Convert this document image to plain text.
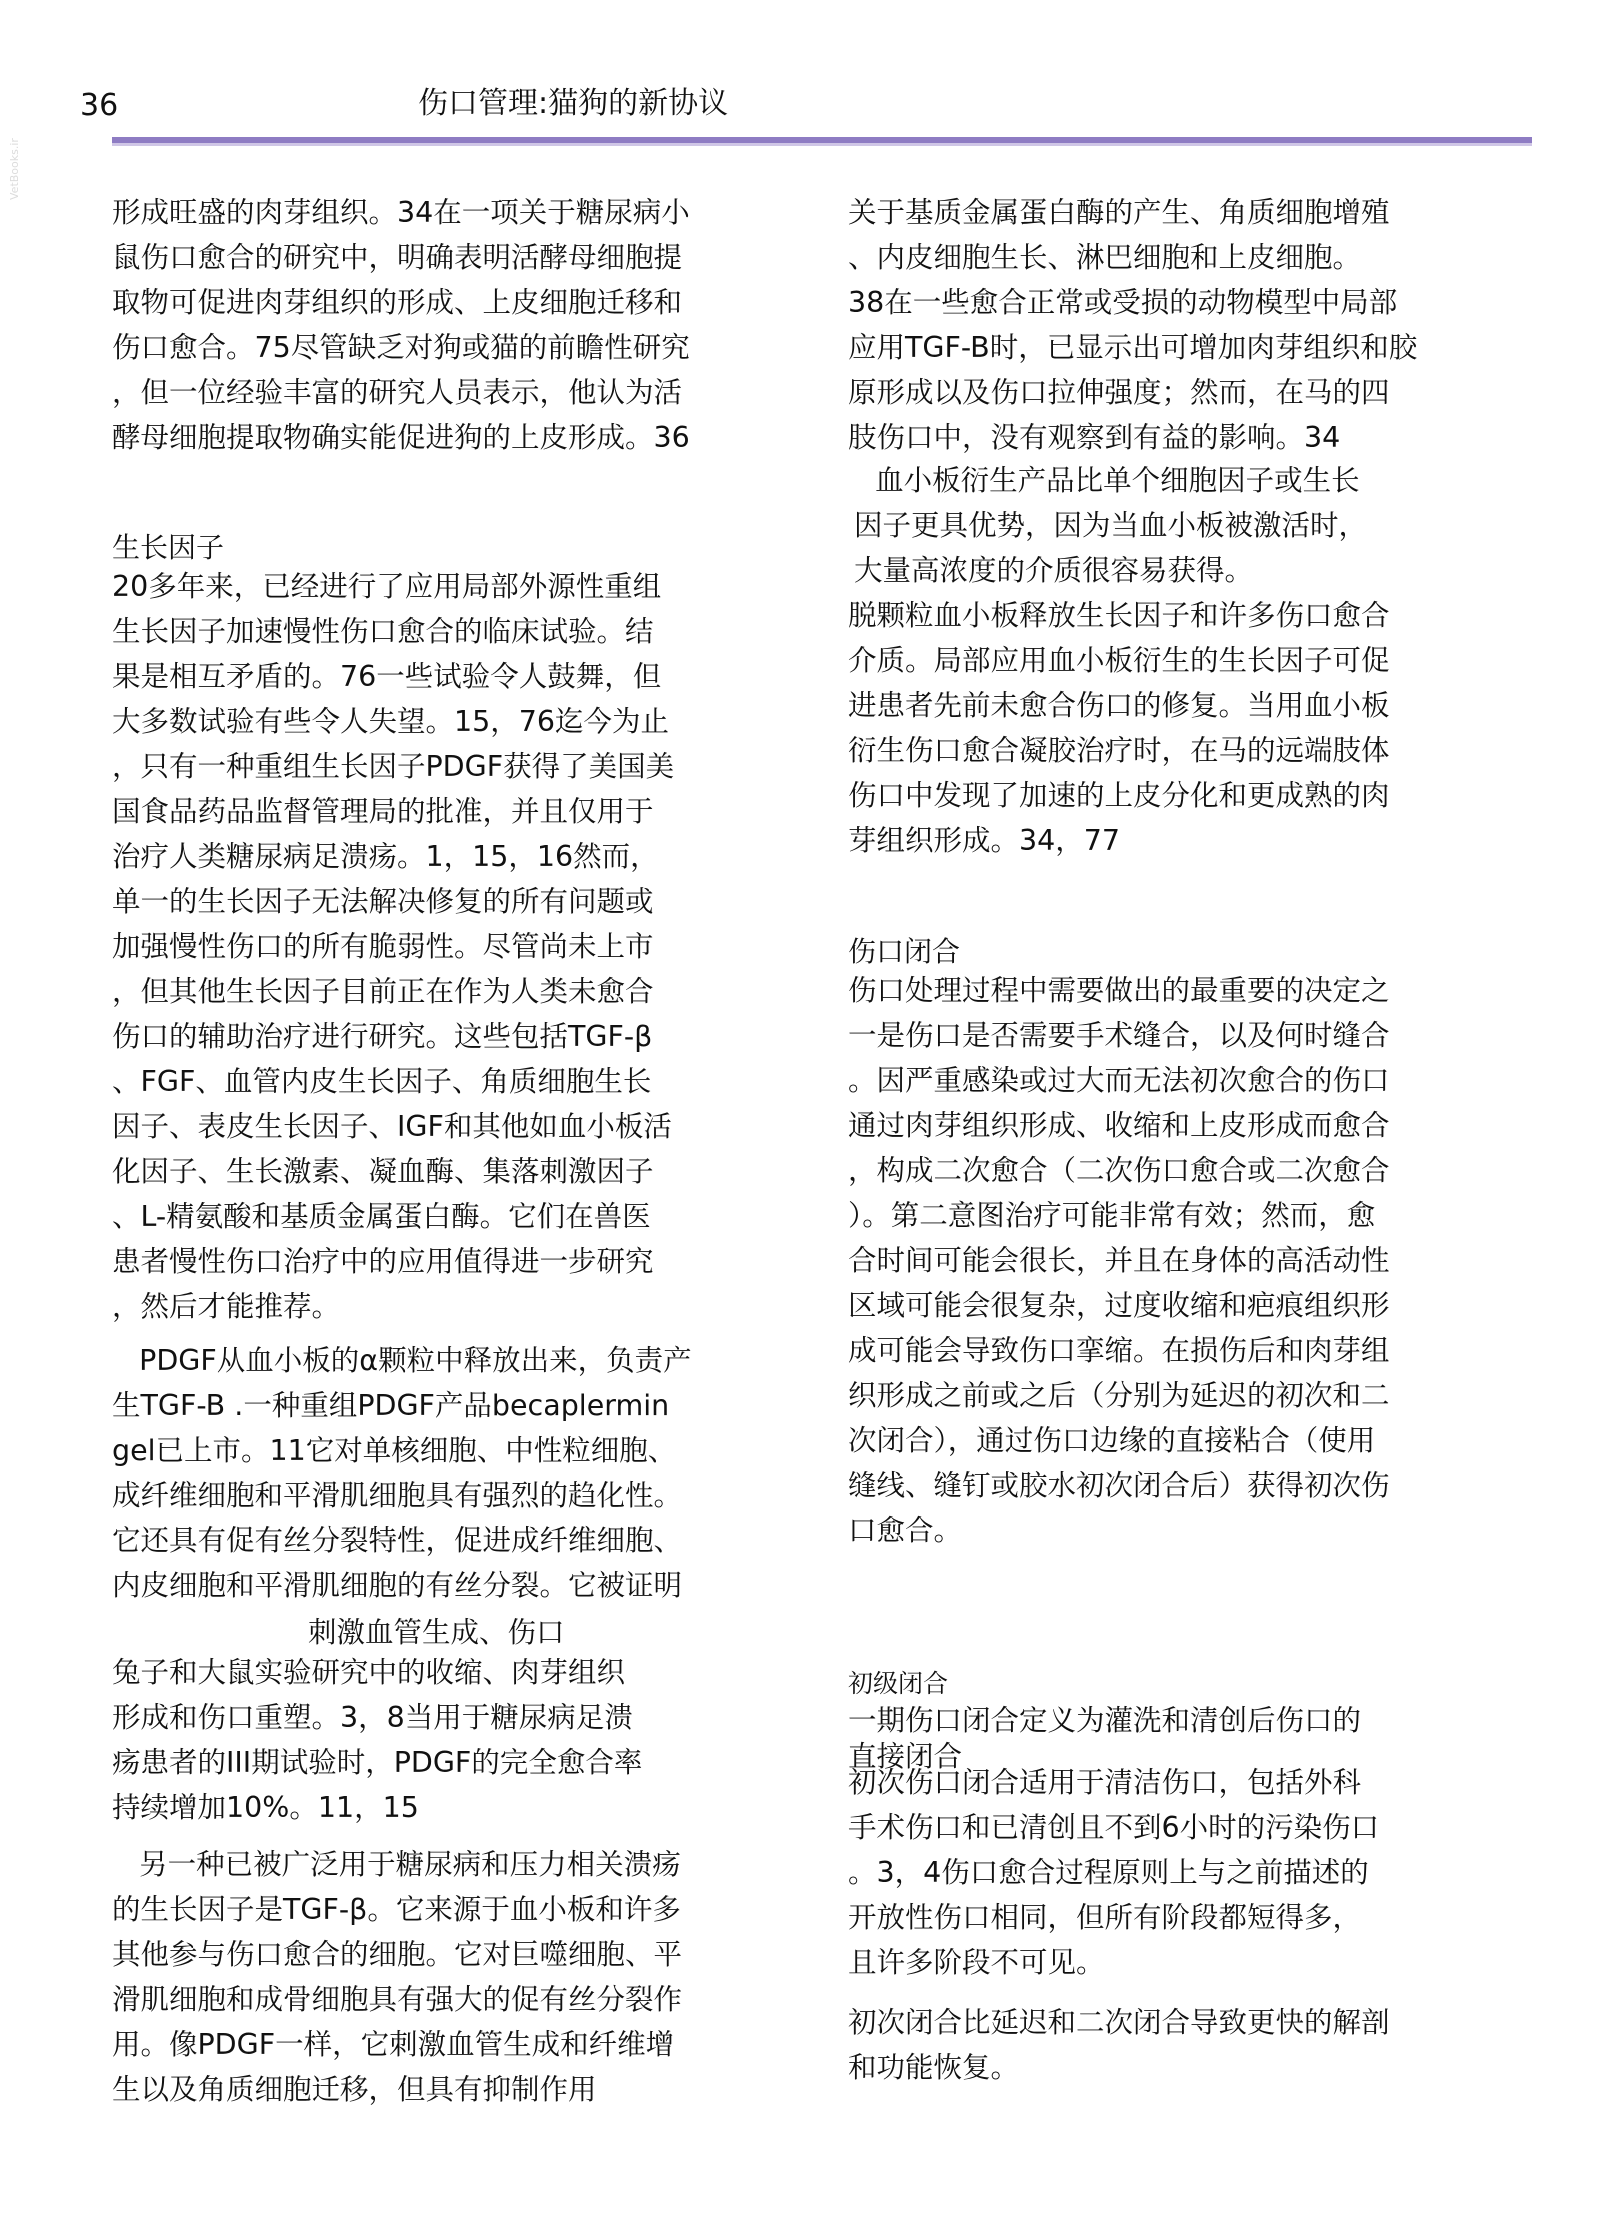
VetBooks.ir
36	伤口管理:猫狗的新协议
形成旺盛的肉芽组织。34在一项关于糖尿病小
鼠伤口愈合的研究中，明确表明活酵母细胞提
取物可促进肉芽组织的形成、上皮细胞迁移和
伤口愈合。75尽管缺乏对狗或猫的前瞻性研究
，但一位经验丰富的研究人员表示，他认为活
酵母细胞提取物确实能促进狗的上皮形成。36
生长因子
20多年来，已经进行了应用局部外源性重组
生长因子加速慢性伤口愈合的临床试验。结
果是相互矛盾的。76一些试验令人鼓舞，但
大多数试验有些令人失望。15，76迄今为止
，只有一种重组生长因子PDGF获得了美国美
国食品药品监督管理局的批准，并且仅用于
治疗人类糖尿病足溃疡。1，15，16然而，
单一的生长因子无法解决修复的所有问题或
加强慢性伤口的所有脆弱性。尽管尚未上市
，但其他生长因子目前正在作为人类未愈合
伤口的辅助治疗进行研究。这些包括TGF-β
、FGF、血管内皮生长因子、角质细胞生长
因子、表皮生长因子、IGF和其他如血小板活
化因子、生长激素、凝血酶、集落刺激因子
、L-精氨酸和基质金属蛋白酶。它们在兽医
患者慢性伤口治疗中的应用值得进一步研究
，然后才能推荐。
PDGF从血小板的α颗粒中释放出来，负责产
生TGF-B .一种重组PDGF产品becaplermin
gel已上市。11它对单核细胞、中性粒细胞、
成纤维细胞和平滑肌细胞具有强烈的趋化性。
它还具有促有丝分裂特性，促进成纤维细胞、
内皮细胞和平滑肌细胞的有丝分裂。它被证明
刺激血管生成、伤口
兔子和大鼠实验研究中的收缩、肉芽组织
形成和伤口重塑。3，8当用于糖尿病足溃
疡患者的III期试验时，PDGF的完全愈合率
持续增加10%。11，15
另一种已被广泛用于糖尿病和压力相关溃疡
的生长因子是TGF-β。它来源于血小板和许多
其他参与伤口愈合的细胞。它对巨噬细胞、平
滑肌细胞和成骨细胞具有强大的促有丝分裂作
用。像PDGF一样，它刺激血管生成和纤维增
生以及角质细胞迁移，但具有抑制作用
关于基质金属蛋白酶的产生、角质细胞增殖
、内皮细胞生长、淋巴细胞和上皮细胞。
38在一些愈合正常或受损的动物模型中局部
应用TGF-B时，已显示出可增加肉芽组织和胶
原形成以及伤口拉伸强度；然而，在马的四
肢伤口中，没有观察到有益的影响。34
血小板衍生产品比单个细胞因子或生长
因子更具优势，因为当血小板被激活时，
大量高浓度的介质很容易获得。
脱颗粒血小板释放生长因子和许多伤口愈合
介质。局部应用血小板衍生的生长因子可促
进患者先前未愈合伤口的修复。当用血小板
衍生伤口愈合凝胶治疗时，在马的远端肢体
伤口中发现了加速的上皮分化和更成熟的肉
芽组织形成。34，77
伤口闭合
伤口处理过程中需要做出的最重要的决定之
一是伤口是否需要手术缝合，以及何时缝合
。因严重感染或过大而无法初次愈合的伤口
通过肉芽组织形成、收缩和上皮形成而愈合
，构成二次愈合（二次伤口愈合或二次愈合
）。第二意图治疗可能非常有效；然而，愈
合时间可能会很长，并且在身体的高活动性
区域可能会很复杂，过度收缩和疤痕组织形
成可能会导致伤口挛缩。在损伤后和肉芽组
织形成之前或之后（分别为延迟的初次和二
次闭合），通过伤口边缘的直接粘合（使用
缝线、缝钉或胶水初次闭合后）获得初次伤
口愈合。
初级闭合
一期伤口闭合定义为灌洗和清创后伤口的
直接闭合
初次伤口闭合适用于清洁伤口，包括外科
手术伤口和已清创且不到6小时的污染伤口
。3，4伤口愈合过程原则上与之前描述的
开放性伤口相同，但所有阶段都短得多，
且许多阶段不可见。
初次闭合比延迟和二次闭合导致更快的解剖
和功能恢复。
